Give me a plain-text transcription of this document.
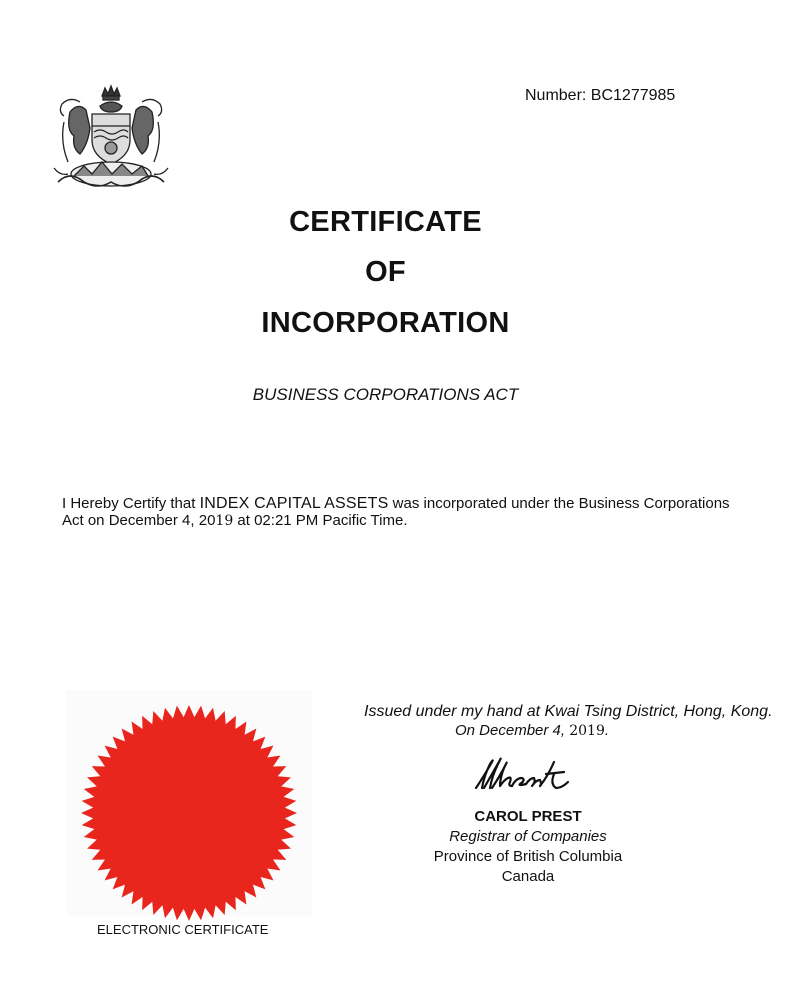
Number: BC1277985
CERTIFICATE
OF
INCORPORATION
BUSINESS CORPORATIONS ACT
I Hereby Certify that INDEX CAPITAL ASSETS was incorporated under the Business Corporations Act on December 4, 2019 at 02:21 PM Pacific Time.
ELECTRONIC CERTIFICATE
Issued under my hand at Kwai Tsing District, Hong, Kong.
On December 4, 2019.
CAROL PREST
Registrar of Companies
Province of British Columbia
Canada
